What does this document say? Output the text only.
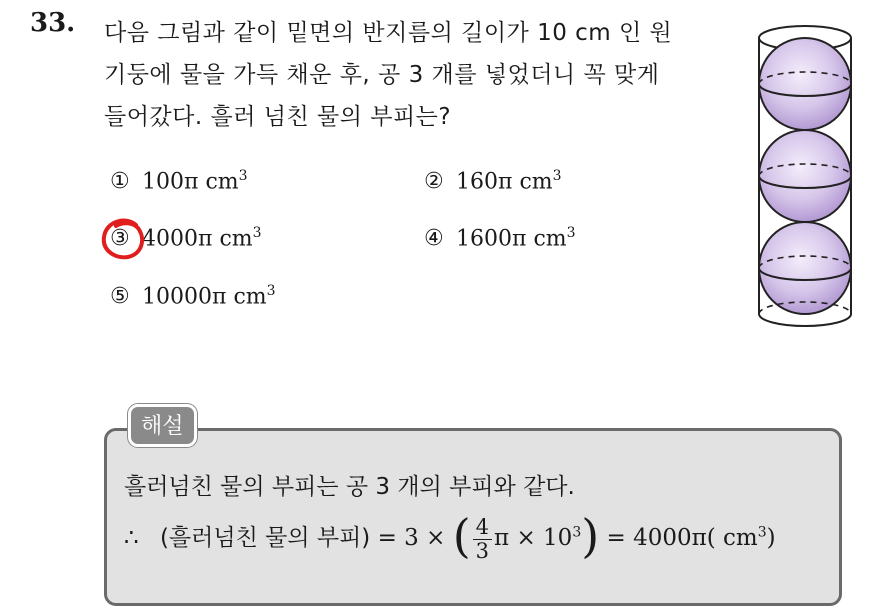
33. 다음 그림과 같이 밑면의 반지름의 길이가 10 cm 인 원
기둥에 물을 가득 채운 후, 공 3 개를 넣었더니 꼭 맞게
들어갔다. 흘러 넘친 물의 부피는?
① 100π $cm^3$	② 160π $cm^3$
③ 4000π $cm^3$	④ 1600π $cm^3$
⑤ 10000π $cm^3$
해설
흘러넘친 물의 부피는 공 3 개의 부피와 같다.
∴ (흘러넘친 물의 부피) = 3 × ( $\frac{4}{3}$ $\pi \times 10^3) = 4000\pi$( $cm^3$)
